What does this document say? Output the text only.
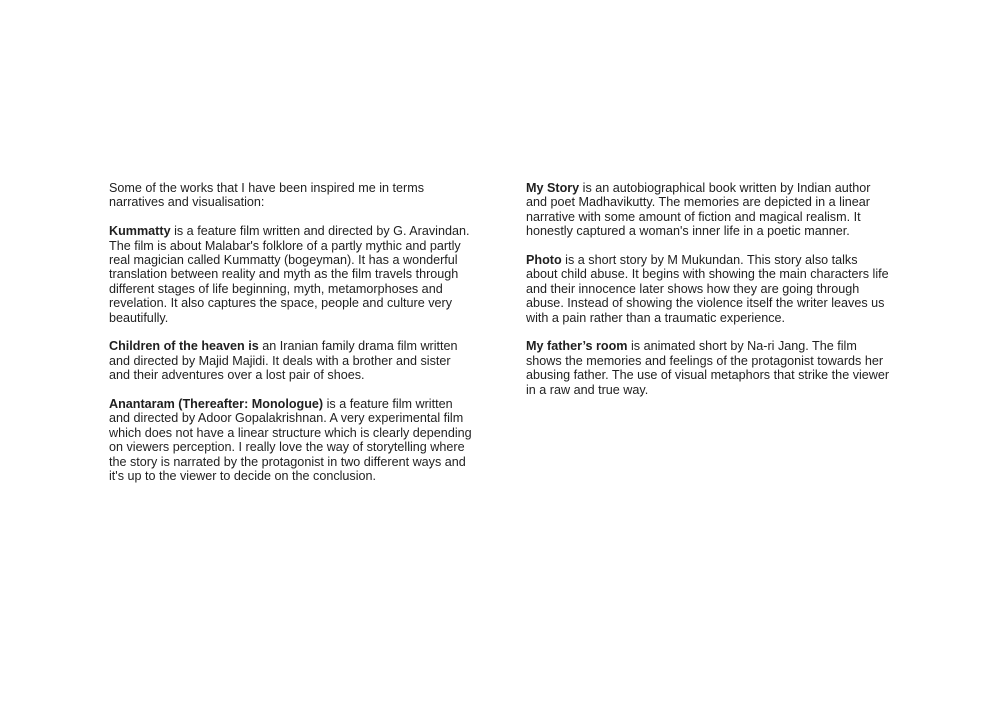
Some of the works that I have been inspired me in terms narratives and visualisation:

Kummatty is a feature film written and directed by G. Aravindan. The film is about Malabar's folklore of a partly mythic and partly real magician called Kummatty (bogeyman). It has a wonderful translation between reality and myth as the film travels through different stages of life beginning, myth, metamorphoses and revelation. It also captures the space, people and culture very beautifully.

Children of the heaven is an Iranian family drama film written and directed by Majid Majidi. It deals with a brother and sister and their adventures over a lost pair of shoes.

Anantaram (Thereafter: Monologue) is a feature film written and directed by Adoor Gopalakrishnan. A very experimental film which does not have a linear structure which is clearly depending on viewers perception. I really love the way of storytelling where the story is narrated by the protagonist in two different ways and it's up to the viewer to decide on the conclusion.

My Story is an autobiographical book written by Indian author and poet Madhavikutty. The memories are depicted in a linear narrative with some amount of fiction and magical realism. It honestly captured a woman's inner life in a poetic manner.

Photo is a short story by M Mukundan. This story also talks about child abuse. It begins with showing the main characters life and their innocence later shows how they are going through abuse. Instead of showing the violence itself the writer leaves us with a pain rather than a traumatic experience.

My father’s room is animated short by Na-ri Jang. The film shows the memories and feelings of the protagonist towards her abusing father. The use of visual metaphors that strike the viewer in a raw and true way.
